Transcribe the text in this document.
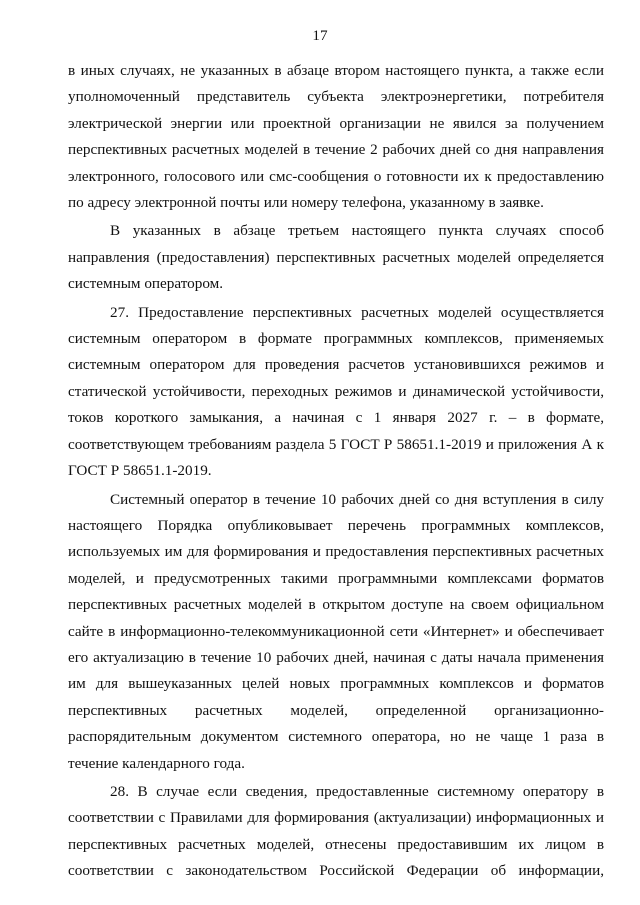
17

в иных случаях, не указанных в абзаце втором настоящего пункта, а также если уполномоченный представитель субъекта электроэнергетики, потребителя электрической энергии или проектной организации не явился за получением перспективных расчетных моделей в течение 2 рабочих дней со дня направления электронного, голосового или смс-сообщения о готовности их к предоставлению по адресу электронной почты или номеру телефона, указанному в заявке.

В указанных в абзаце третьем настоящего пункта случаях способ направления (предоставления) перспективных расчетных моделей определяется системным оператором.

27. Предоставление перспективных расчетных моделей осуществляется системным оператором в формате программных комплексов, применяемых системным оператором для проведения расчетов установившихся режимов и статической устойчивости, переходных режимов и динамической устойчивости, токов короткого замыкания, а начиная с 1 января 2027 г. – в формате, соответствующем требованиям раздела 5 ГОСТ Р 58651.1-2019 и приложения А к ГОСТ Р 58651.1-2019.

Системный оператор в течение 10 рабочих дней со дня вступления в силу настоящего Порядка опубликовывает перечень программных комплексов, используемых им для формирования и предоставления перспективных расчетных моделей, и предусмотренных такими программными комплексами форматов перспективных расчетных моделей в открытом доступе на своем официальном сайте в информационно-телекоммуникационной сети «Интернет» и обеспечивает его актуализацию в течение 10 рабочих дней, начиная с даты начала применения им для вышеуказанных целей новых программных комплексов и форматов перспективных расчетных моделей, определенной организационно-распорядительным документом системного оператора, но не чаще 1 раза в течение календарного года.

28. В случае если сведения, предоставленные системному оператору в соответствии с Правилами для формирования (актуализации) информационных и перспективных расчетных моделей, отнесены предоставившим их лицом в соответствии с законодательством Российской Федерации об информации,
